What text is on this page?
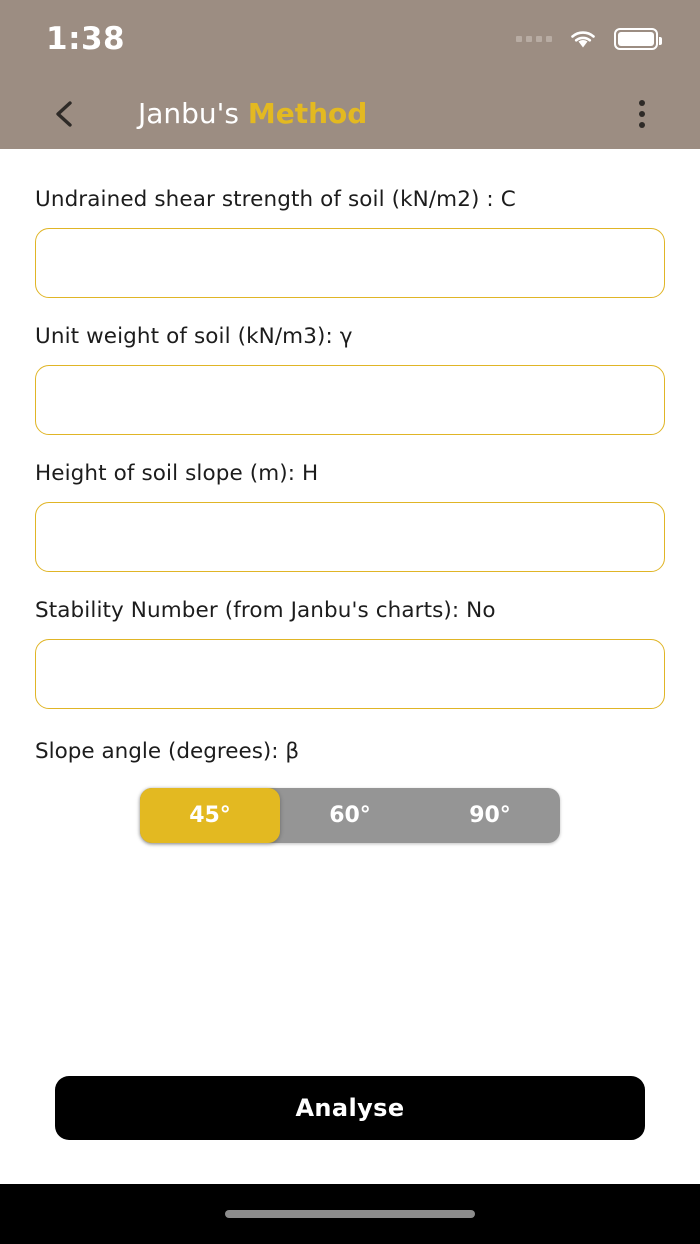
1:38
Janbu's Method
Undrained shear strength of soil (kN/m2) : C
Unit weight of soil (kN/m3): γ
Height of soil slope (m): H
Stability Number (from Janbu's charts): No
Slope angle (degrees): β
45°	60°	90°
Analyse
